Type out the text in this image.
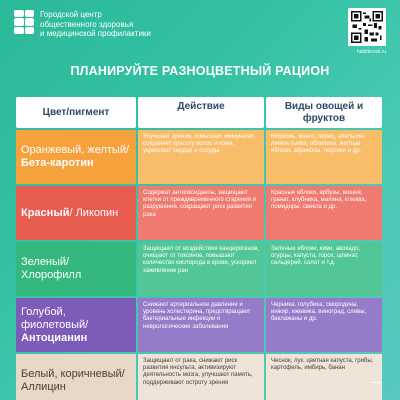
Городской центр
общественного здоровья
и медицинской профилактики
habitbreak.ru
ПЛАНИРУЙТЕ РАЗНОЦВЕТНЫЙ РАЦИОН
Цвет/пигмент	Действие	Виды овощей и фруктов
Оранжевый, желтый/Бета-каротин
Улучшает зрения, повышает иммунитет, сохраняет красоту волос и кожи, укрепляет сердце и сосуды
Морковь, манго, перец, апельсин, лимон тыква, облепиха, желтые яблоки, абрикосы, персики и др.
Красный/ Ликопин
Содержат антиоксиданты, защищают клетки от преждевременного старения и разрушения, сокращают риск развития рака
Красные яблоки, арбузы, вишня, гранат, клубника, малина, клюква, помидоры, свекла и др.
Зеленый/ Хлорофилл
Защищают от воздействия канцерогенов, очищают от токсинов, повышают количество кислорода в крови, ускоряют заживление ран
Зеленые яблоки, киви, авокадо, огурцы, капуста, горох, шпинат, сельдерей, салат и т.д.
Голубой, фиолетовый/Антоцианин
Снижают артериальное давление и уровень холестерина, предотвращают бактериальные инфекции и неврологические заболевания
Черника, голубика, смородина, инжир, ежевика, виноград, сливы, баклажаны и др.
Белый, коричневый/ Аллицин
Защищают от рака, снижают риск развития инсульта, активизируют деятельность мозга, улучшают память, поддерживают остроту зрения
Чеснок, лук, цветная капуста, грибы, картофель, имбирь, банан
→
